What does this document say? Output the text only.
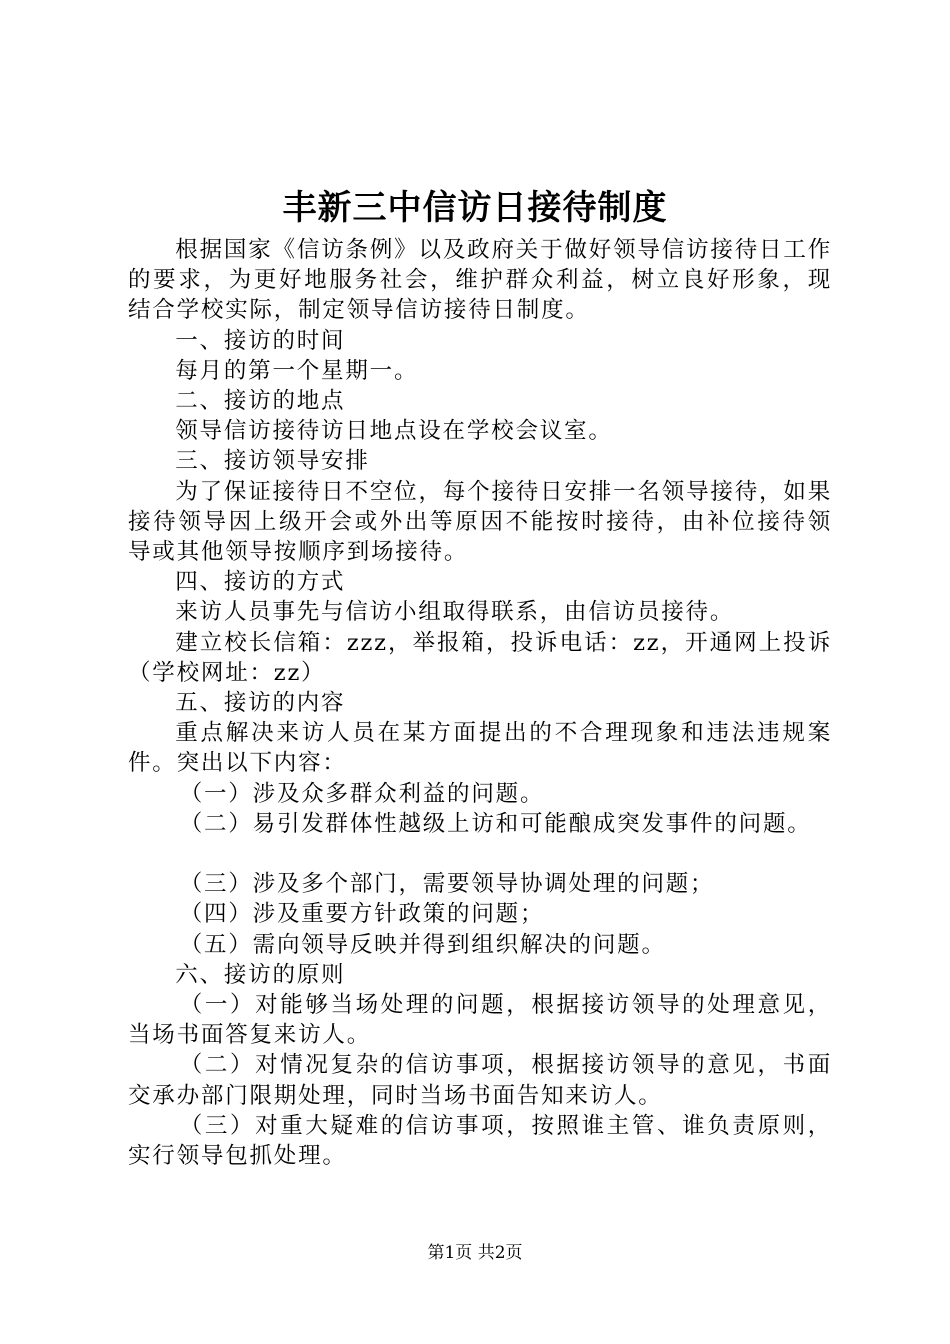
丰新三中信访日接待制度

根据国家《信访条例》以及政府关于做好领导信访接待日工作的要求，为更好地服务社会，维护群众利益，树立良好形象，现结合学校实际，制定领导信访接待日制度。

一、接访的时间

每月的第一个星期一。

二、接访的地点

领导信访接待访日地点设在学校会议室。

三、接访领导安排

为了保证接待日不空位，每个接待日安排一名领导接待，如果接待领导因上级开会或外出等原因不能按时接待，由补位接待领导或其他领导按顺序到场接待。

四、接访的方式

来访人员事先与信访小组取得联系，由信访员接待。

建立校长信箱：zzz，举报箱，投诉电话：zz，开通网上投诉（学校网址：zz）

五、接访的内容

重点解决来访人员在某方面提出的不合理现象和违法违规案件。突出以下内容：

（一）涉及众多群众利益的问题。

（二）易引发群体性越级上访和可能酿成突发事件的问题。

（三）涉及多个部门，需要领导协调处理的问题；

（四）涉及重要方针政策的问题；

（五）需向领导反映并得到组织解决的问题。

六、接访的原则

（一）对能够当场处理的问题，根据接访领导的处理意见，当场书面答复来访人。

（二）对情况复杂的信访事项，根据接访领导的意见，书面交承办部门限期处理，同时当场书面告知来访人。

（三）对重大疑难的信访事项，按照谁主管、谁负责原则，实行领导包抓处理。

第1页 共2页
